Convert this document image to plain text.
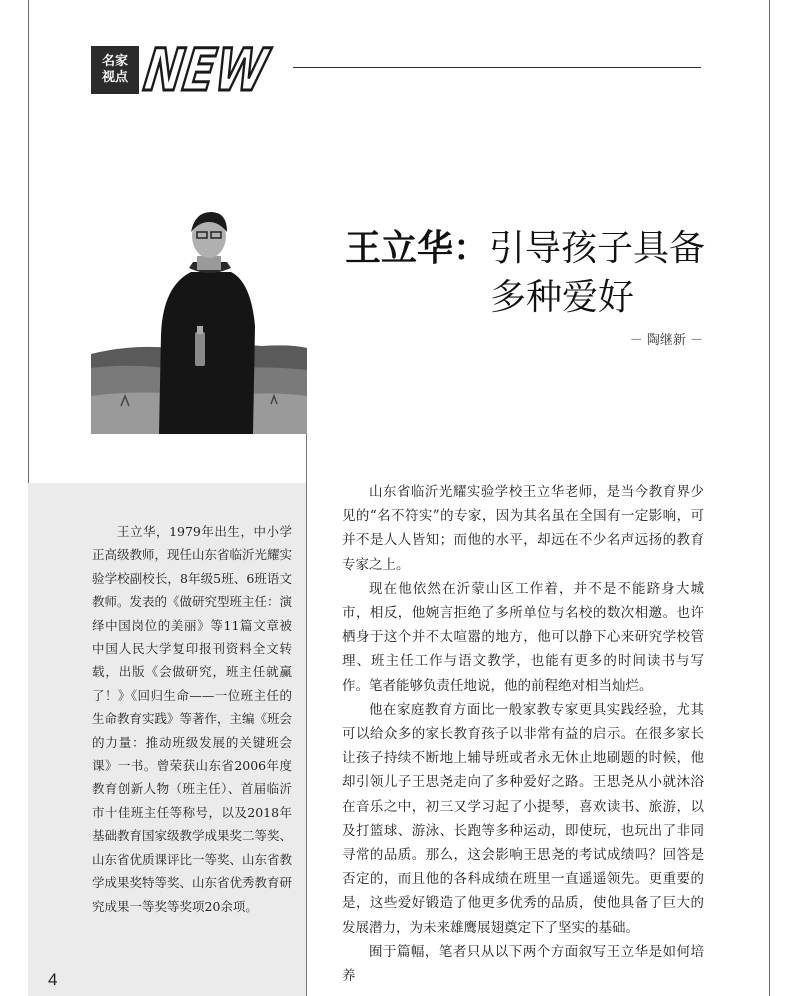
名家
视点 NEW
王立华：引导孩子具备
多种爱好
－ 陶继新 －

王立华，1979年出生，中小学正高级教师，现任山东省临沂光耀实验学校副校长，8年级5班、6班语文教师。发表的《做研究型班主任：演绎中国岗位的美丽》等11篇文章被中国人民大学复印报刊资料全文转载，出版《会做研究，班主任就赢了！》《回归生命——一位班主任的生命教育实践》等著作，主编《班会的力量：推动班级发展的关键班会课》一书。曾荣获山东省2006年度教育创新人物（班主任）、首届临沂市十佳班主任等称号，以及2018年基础教育国家级教学成果奖二等奖、山东省优质课评比一等奖、山东省教学成果奖特等奖、山东省优秀教育研究成果一等奖等奖项20余项。

山东省临沂光耀实验学校王立华老师，是当今教育界少见的“名不符实”的专家，因为其名虽在全国有一定影响，可并不是人人皆知；而他的水平，却远在不少名声远扬的教育专家之上。

现在他依然在沂蒙山区工作着，并不是不能跻身大城市，相反，他婉言拒绝了多所单位与名校的数次相邀。也许栖身于这个并不太喧嚣的地方，他可以静下心来研究学校管理、班主任工作与语文教学，也能有更多的时间读书与写作。笔者能够负责任地说，他的前程绝对相当灿烂。

他在家庭教育方面比一般家教专家更具实践经验，尤其可以给众多的家长教育孩子以非常有益的启示。在很多家长让孩子持续不断地上辅导班或者永无休止地刷题的时候，他却引领儿子王思尧走向了多种爱好之路。王思尧从小就沐浴在音乐之中，初三又学习起了小提琴，喜欢读书、旅游，以及打篮球、游泳、长跑等多种运动，即使玩，也玩出了非同寻常的品质。那么，这会影响王思尧的考试成绩吗？回答是否定的，而且他的各科成绩在班里一直遥遥领先。更重要的是，这些爱好锻造了他更多优秀的品质，使他具备了巨大的发展潜力，为未来雄鹰展翅奠定下了坚实的基础。

囿于篇幅，笔者只从以下两个方面叙写王立华是如何培养

4
